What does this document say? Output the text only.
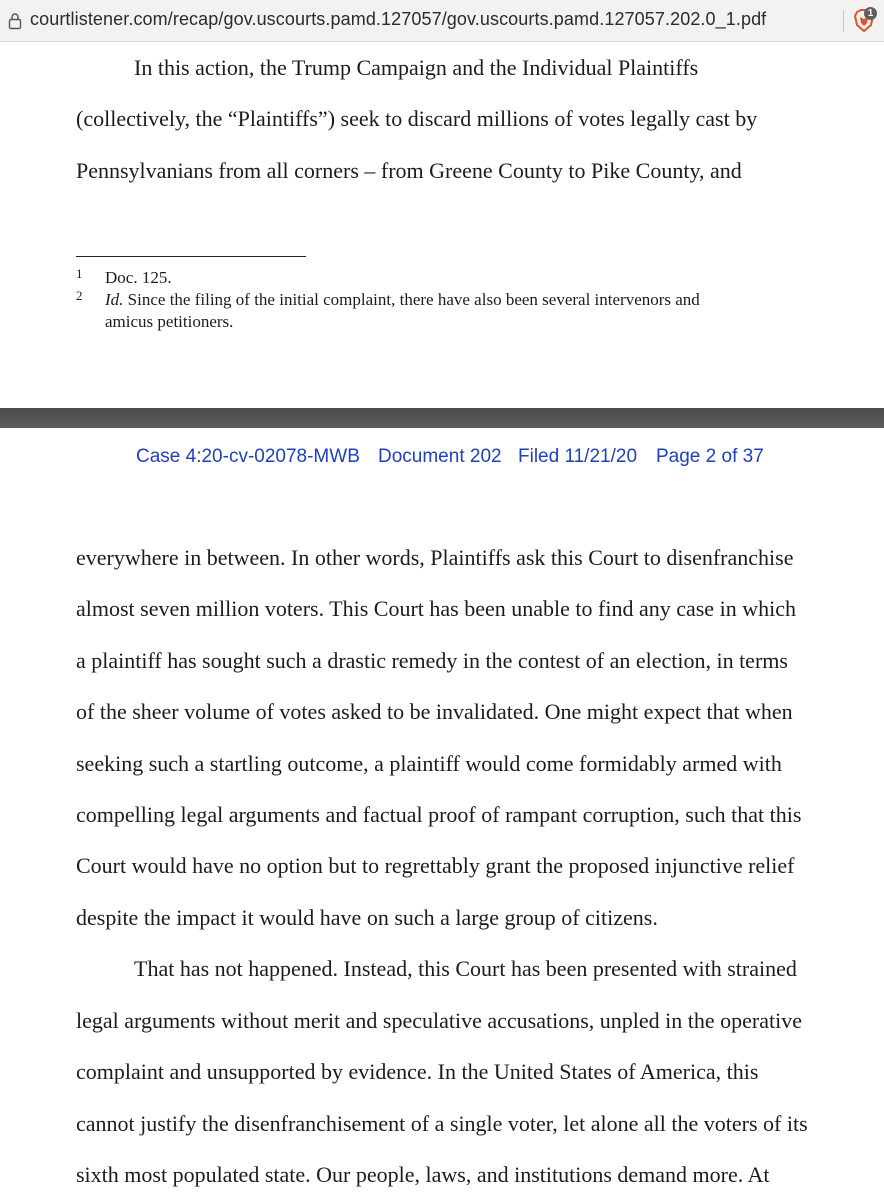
courtlistener.com/recap/gov.uscourts.pamd.127057/gov.uscourts.pamd.127057.202.0_1.pdf	1
In this action, the Trump Campaign and the Individual Plaintiffs
(collectively, the “Plaintiffs”) seek to discard millions of votes legally cast by
Pennsylvanians from all corners – from Greene County to Pike County, and
1 Doc. 125.
2 Id. Since the filing of the initial complaint, there have also been several intervenors and
amicus petitioners.
Case 4:20-cv-02078-MWB Document 202 Filed 11/21/20 Page 2 of 37
everywhere in between. In other words, Plaintiffs ask this Court to disenfranchise
almost seven million voters. This Court has been unable to find any case in which
a plaintiff has sought such a drastic remedy in the contest of an election, in terms
of the sheer volume of votes asked to be invalidated. One might expect that when
seeking such a startling outcome, a plaintiff would come formidably armed with
compelling legal arguments and factual proof of rampant corruption, such that this
Court would have no option but to regrettably grant the proposed injunctive relief
despite the impact it would have on such a large group of citizens.
That has not happened. Instead, this Court has been presented with strained
legal arguments without merit and speculative accusations, unpled in the operative
complaint and unsupported by evidence. In the United States of America, this
cannot justify the disenfranchisement of a single voter, let alone all the voters of its
sixth most populated state. Our people, laws, and institutions demand more. At
